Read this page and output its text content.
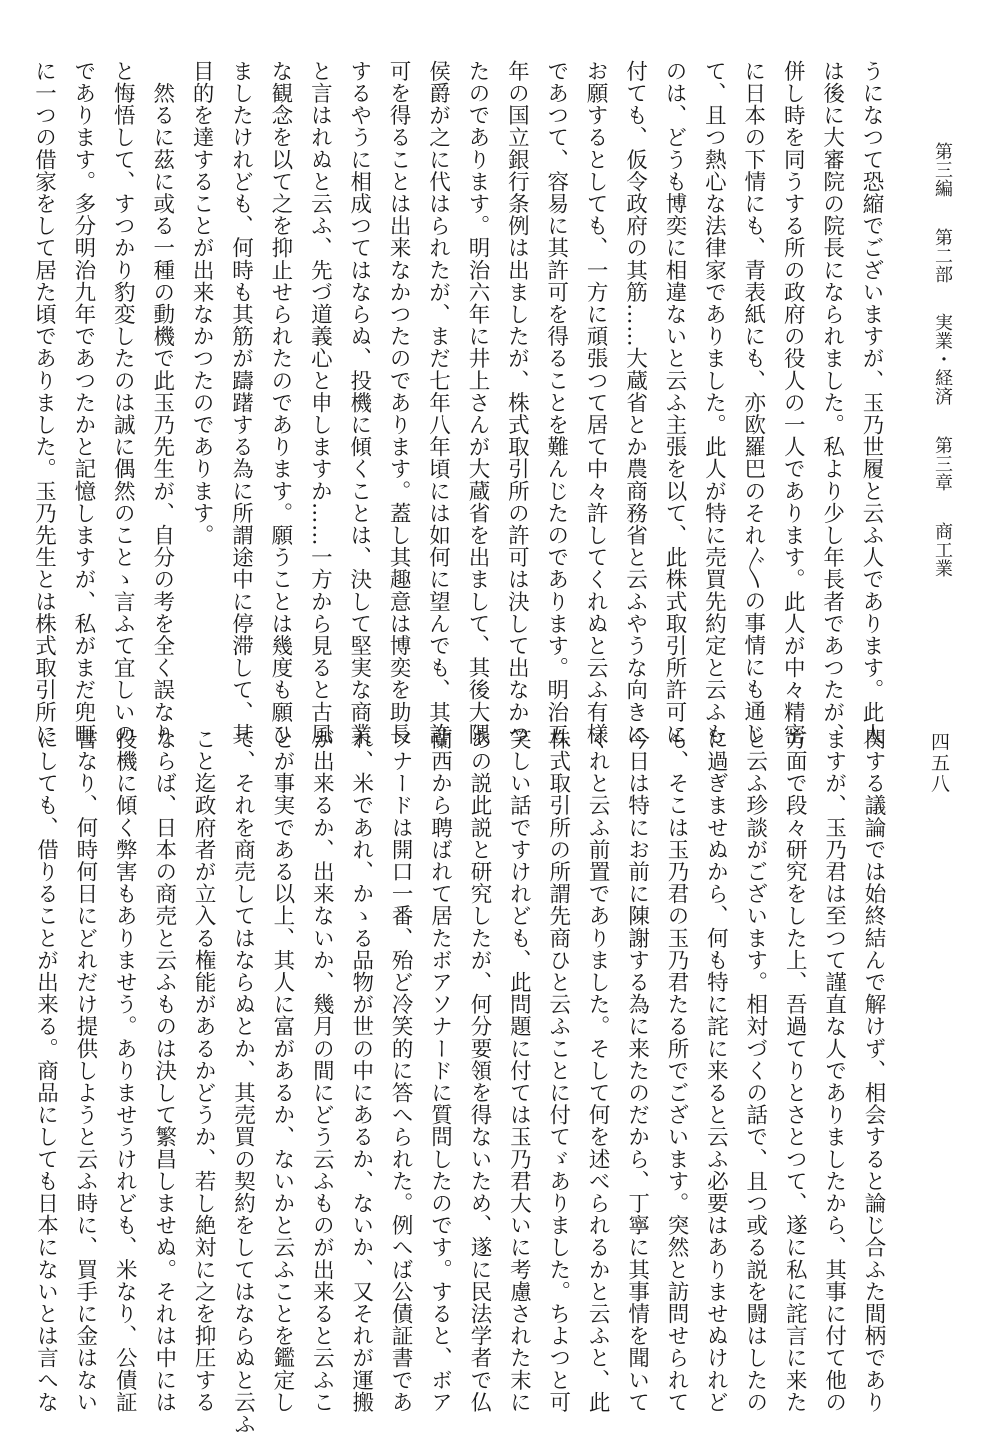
第三編 第二部 実業・経済 第三章 商工業
四五八
うになつて恐縮でございますが、玉乃世履と云ふ人であります。此人
は後に大審院の院長になられました。私より少し年長者であつたが、
併し時を同うする所の政府の役人の一人であります。此人が中々精密
に日本の下情にも、青表紙にも、亦欧羅巴のそれ〴〵の事情にも通じ
て、且つ熱心な法律家でありました。此人が特に売買先約定と云ふも
のは、どうも博奕に相違ないと云ふ主張を以て、此株式取引所許可に
付ても、仮令政府の其筋……大蔵省とか農商務省と云ふやうな向きに
お願するとしても、一方に頑張つて居て中々許してくれぬと云ふ有様
であつて、容易に其許可を得ることを難んじたのであります。明治五
年の国立銀行条例は出ましたが、株式取引所の許可は決して出なかつ
たのであります。明治六年に井上さんが大蔵省を出まして、其後大隈
侯爵が之に代はられたが、まだ七年八年頃には如何に望んでも、其許
可を得ることは出来なかつたのであります。蓋し其趣意は博奕を助長
するやうに相成つてはならぬ、投機に傾くことは、決して堅実な商業
と言はれぬと云ふ、先づ道義心と申しますか……一方から見ると古風
な観念を以て之を抑止せられたのであります。願うことは幾度も願ひ
ましたけれども、何時も其筋が躊躇する為に所謂途中に停滞して、其
目的を達することが出来なかつたのであります。
　然るに茲に或る一種の動機で此玉乃先生が、自分の考を全く誤なり
と悔悟して、すつかり豹変したのは誠に偶然のことゝ言ふて宜しいの
であります。多分明治九年であつたかと記憶しますが、私がまだ兜町
に一つの借家をして居た頃でありました。玉乃先生とは株式取引所に
関する議論では始終結んで解けず、相会すると論じ合ふた間柄であり
ますが、玉乃君は至つて謹直な人でありましたから、其事に付て他の
方面で段々研究をした上、吾過てりとさとつて、遂に私に詫言に来た
と云ふ珍談がございます。相対づくの話で、且つ或る説を闘はしたの
に過ぎませぬから、何も特に詫に来ると云ふ必要はありませぬけれど
も、そこは玉乃君の玉乃君たる所でございます。突然と訪問せられて
今日は特にお前に陳謝する為に来たのだから、丁寧に其事情を聞いて
くれと云ふ前置でありました。そして何を述べられるかと云ふと、此
株式取引所の所謂先商ひと云ふことに付てゞありました。ちよつと可
笑しい話ですけれども、此問題に付ては玉乃君大いに考慮された末に
あの説此説と研究したが、何分要領を得ないため、遂に民法学者で仏
蘭西から聘ばれて居たボアソナードに質問したのです。すると、ボア
ソナードは開口一番、殆ど冷笑的に答へられた。例へば公債証書であ
れ、米であれ、かゝる品物が世の中にあるか、ないか、又それが運搬
が出来るか、出来ないか、幾月の間にどう云ふものが出来ると云ふこ
とが事実である以上、其人に富があるか、ないかと云ふことを鑑定し
て、それを商売してはならぬとか、其売買の契約をしてはならぬと云ふ
こと迄政府者が立入る権能があるかどうか、若し絶対に之を抑圧する
ならば、日本の商売と云ふものは決して繁昌しませぬ。それは中には
投機に傾く弊害もありませう。ありませうけれども、米なり、公債証
書なり、何時何日にどれだけ提供しようと云ふ時に、買手に金はない
にしても、借りることが出来る。商品にしても日本にないとは言へな
